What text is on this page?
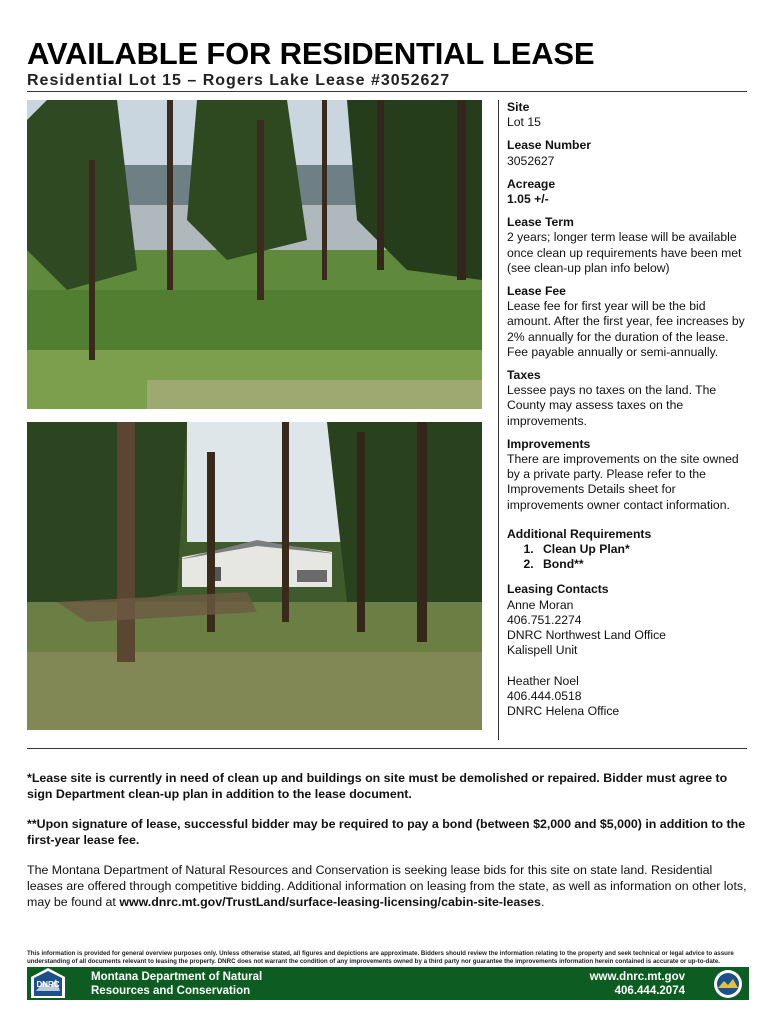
AVAILABLE FOR RESIDENTIAL LEASE
Residential Lot 15 – Rogers Lake Lease #3052627

Site

Lot 15

Lease Number

3052627

Acreage

1.05 +/-

Lease Term

2 years; longer term lease will be available once clean up requirements have been met (see clean-up plan info below)

Lease Fee

Lease fee for first year will be the bid amount. After the first year, fee increases by 2% annually for the duration of the lease. Fee payable annually or semi-annually.

Taxes

Lessee pays no taxes on the land. The County may assess taxes on the improvements.

Improvements

There are improvements on the site owned by a private party. Please refer to the Improvements Details sheet for improvements owner contact information.

Additional Requirements

1. Clean Up Plan*
2. Bond**

Leasing Contacts

Anne Moran

406.751.2274

DNRC Northwest Land Office

Kalispell Unit

Heather Noel

406.444.0518

DNRC Helena Office

*Lease site is currently in need of clean up and buildings on site must be demolished or repaired. Bidder must agree to sign Department clean-up plan in addition to the lease document.

**Upon signature of lease, successful bidder may be required to pay a bond (between $2,000 and $5,000) in addition to the first-year lease fee.

The Montana Department of Natural Resources and Conservation is seeking lease bids for this site on state land. Residential leases are offered through competitive bidding. Additional information on leasing from the state, as well as information on other lots, may be found at www.dnrc.mt.gov/TrustLand/surface-leasing-licensing/cabin-site-leases.

This information is provided for general overview purposes only. Unless otherwise stated, all figures and depictions are approximate. Bidders should review the information relating to the property and seek technical or legal advice to assure understanding of all documents relevant to leasing the property. DNRC does not warrant the condition of any improvements owned by a third party nor guarantee the improvements information herein contained is accurate or up-to-date.
DNRC
Montana Department of Natural
Resources and Conservation
www.dnrc.mt.gov
406.444.2074
